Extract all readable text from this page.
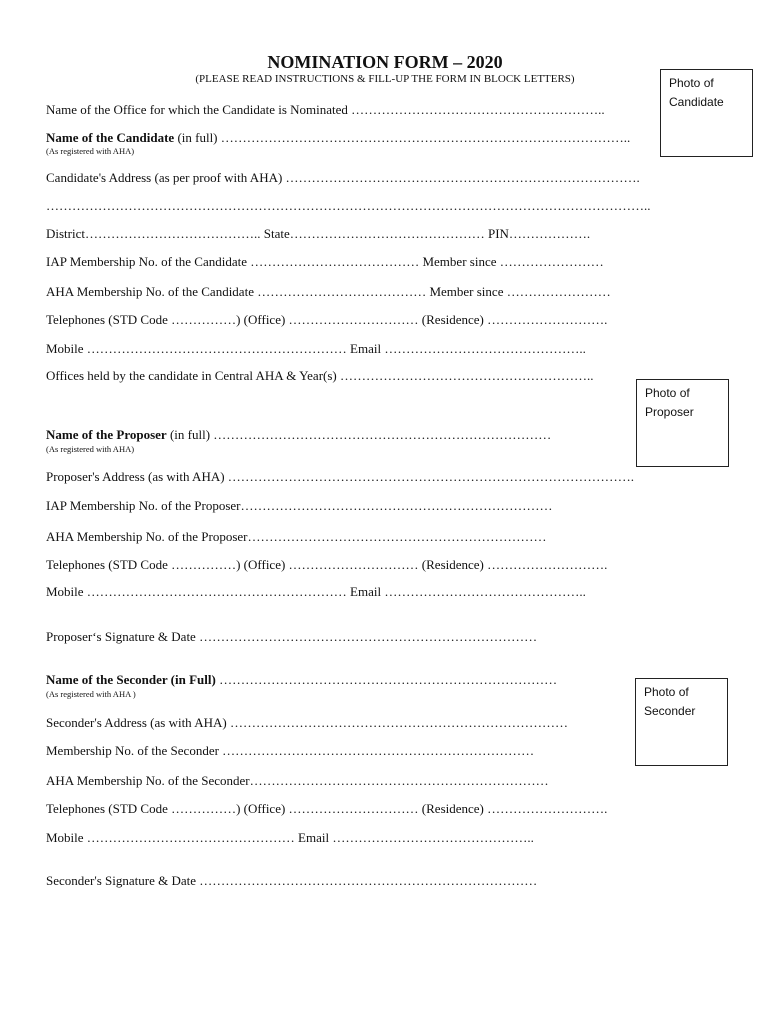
NOMINATION FORM – 2020
(PLEASE READ INSTRUCTIONS & FILL-UP THE FORM IN BLOCK LETTERS)	Photo of
Candidate
Name of the Office for which the Candidate is Nominated …………………………………………………..
Name of the Candidate (in full) …………………………………………………………………………………..
(As registered with AHA)
Candidate's Address (as per proof with AHA) ……………………………………………………………………….
…………………………………………………………………………………………………………………………..
District………………………………….. State……………………………………… PIN……………….
IAP Membership No. of the Candidate ………………………………… Member since ……………………
AHA Membership No. of the Candidate ………………………………… Member since ……………………
Telephones (STD Code ……………) (Office) ………………………… (Residence) ……………………….
Mobile …………………………………………………… Email ………………………………………..
Offices held by the candidate in Central AHA & Year(s) …………………………………………………..
Photo of
Proposer
Name of the Proposer (in full) ……………………………………………………………………
(As registered with AHA)
Proposer's Address (as with AHA) ………………………………………………………………………………….
IAP Membership No. of the Proposer………………………………………………………………
AHA Membership No. of the Proposer……………………………………………………………
Telephones (STD Code ……………) (Office) ………………………… (Residence) ……………………….
Mobile …………………………………………………… Email ………………………………………..
Proposer‘s Signature & Date ……………………………………………………………………
Photo of
Seconder
Name of the Seconder (in Full) ……………………………………………………………………
(As registered with AHA )
Seconder's Address (as with AHA) ……………………………………………………………………
Membership No. of the Seconder ………………………………………………………………
AHA Membership No. of the Seconder……………………………………………………………
Telephones (STD Code ……………) (Office) ………………………… (Residence) ……………………….
Mobile ………………………………………… Email ………………………………………..
Seconder's Signature & Date ……………………………………………………………………
